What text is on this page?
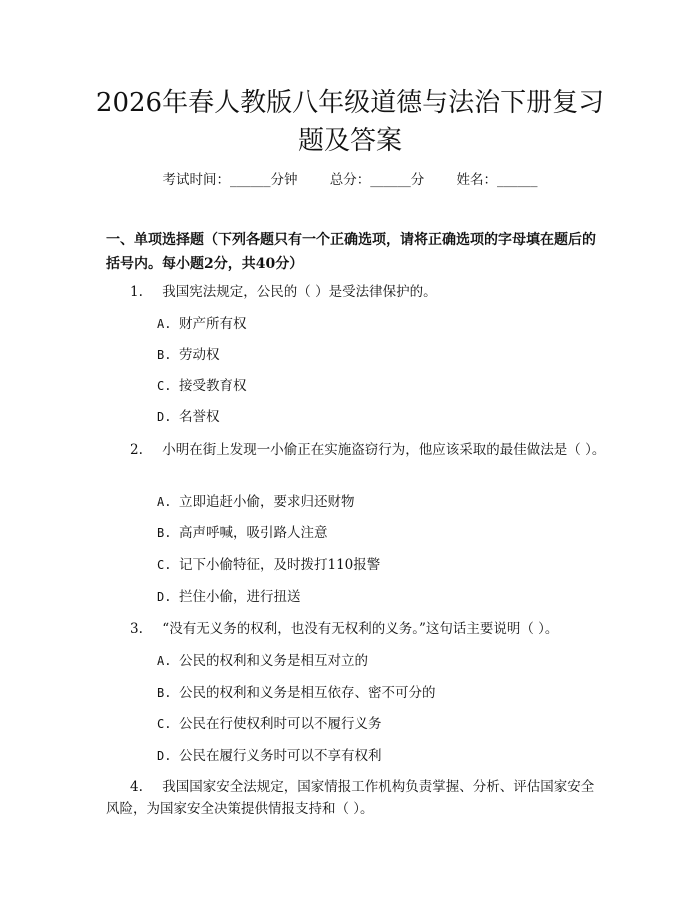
2026年春人教版八年级道德与法治下册复习
题及答案
考试时间：______分钟 总分：______分 姓名：______
一、单项选择题（下列各题只有一个正确选项，请将正确选项的字母填在题后的括号内。每小题2分，共40分）
1. 我国宪法规定，公民的（ ）是受法律保护的。
A. 财产所有权
B. 劳动权
C. 接受教育权
D. 名誉权
2. 小明在街上发现一小偷正在实施盗窃行为，他应该采取的最佳做法是（ ）。
A. 立即追赶小偷，要求归还财物
B. 高声呼喊，吸引路人注意
C. 记下小偷特征，及时拨打110报警
D. 拦住小偷，进行扭送
3. “没有无义务的权利，也没有无权利的义务。”这句话主要说明（ ）。
A. 公民的权利和义务是相互对立的
B. 公民的权利和义务是相互依存、密不可分的
C. 公民在行使权利时可以不履行义务
D. 公民在履行义务时可以不享有权利
4. 我国国家安全法规定，国家情报工作机构负责掌握、分析、评估国家安全风险，为国家安全决策提供情报支持和（ ）。
